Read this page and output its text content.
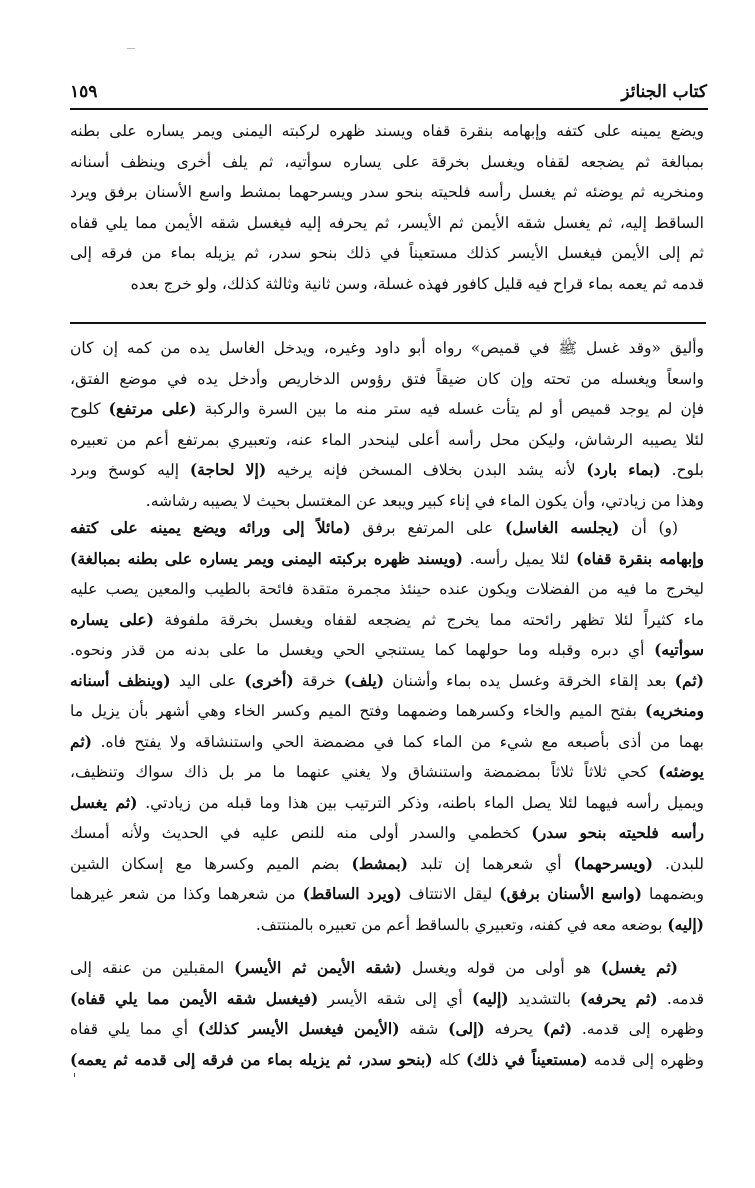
كتاب الجنائز
١٥٩
ويضع يمينه على كتفه وإبهامه بنقرة قفاه ويسند ظهره لركبته اليمنى ويمر يساره على بطنه
بمبالغة ثم يضجعه لقفاه ويغسل بخرقة على يساره سوأتيه، ثم يلف أخرى وينظف أسنانه
ومنخريه ثم يوضئه ثم يغسل رأسه فلحيته بنحو سدر ويسرحهما بمشط واسع الأسنان برفق ويرد
الساقط إليه، ثم يغسل شقه الأيمن ثم الأيسر، ثم يحرفه إليه فيغسل شقه الأيمن مما يلي قفاه
ثم إلى الأيمن فيغسل الأيسر كذلك مستعيناً في ذلك بنحو سدر، ثم يزيله بماء من فرقه إلى
قدمه ثم يعمه بماء قراح فيه قليل كافور فهذه غسلة، وسن ثانية وثالثة كذلك، ولو خرج بعده
وأليق «وقد غسل ﷺ في قميص» رواه أبو داود وغيره، ويدخل الغاسل يده من كمه إن كان
واسعاً ويغسله من تحته وإن كان ضيقاً فتق رؤوس الدخاريص وأدخل يده في موضع الفتق،
فإن لم يوجد قميص أو لم يتأت غسله فيه ستر منه ما بين السرة والركبة (على مرتفع) كلوح
لئلا يصيبه الرشاش، وليكن محل رأسه أعلى لينحدر الماء عنه، وتعبيري بمرتفع أعم من تعبيره
بلوح. (بماء بارد) لأنه يشد البدن بخلاف المسخن فإنه يرخيه (إلا لحاجة) إليه كوسخ وبرد
وهذا من زيادتي، وأن يكون الماء في إناء كبير ويبعد عن المغتسل بحيث لا يصيبه رشاشه.
(و) أن (يجلسه الغاسل) على المرتفع برفق (مائلاً إلى ورائه ويضع يمينه على كتفه
وإبهامه بنقرة قفاه) لئلا يميل رأسه. (ويسند ظهره بركبته اليمنى ويمر يساره على بطنه بمبالغة)
ليخرج ما فيه من الفضلات ويكون عنده حينئذ مجمرة متقدة فائحة بالطيب والمعين يصب عليه
ماء كثيراً لئلا تظهر رائحته مما يخرج ثم يضجعه لقفاه ويغسل بخرقة ملفوفة (على يساره
سوأتيه) أي دبره وقبله وما حولهما كما يستنجي الحي ويغسل ما على بدنه من قذر ونحوه.
(ثم) بعد إلقاء الخرقة وغسل يده بماء وأشنان (يلف) خرقة (أخرى) على اليد (وينظف أسنانه
ومنخريه) بفتح الميم والخاء وكسرهما وضمهما وفتح الميم وكسر الخاء وهي أشهر بأن يزيل ما
بهما من أذى بأصبعه مع شيء من الماء كما في مضمضة الحي واستنشاقه ولا يفتح فاه. (ثم
يوضئه) كحي ثلاثاً ثلاثاً بمضمضة واستنشاق ولا يغني عنهما ما مر بل ذاك سواك وتنظيف،
ويميل رأسه فيهما لئلا يصل الماء باطنه، وذكر الترتيب بين هذا وما قبله من زيادتي. (ثم يغسل
رأسه فلحيته بنحو سدر) كخطمي والسدر أولى منه للنص عليه في الحديث ولأنه أمسك
للبدن. (ويسرحهما) أي شعرهما إن تلبد (بمشط) بضم الميم وكسرها مع إسكان الشين
وبضمهما (واسع الأسنان برفق) ليقل الانتتاف (ويرد الساقط) من شعرهما وكذا من شعر غيرهما
(إليه) بوضعه معه في كفنه، وتعبيري بالساقط أعم من تعبيره بالمنتتف.
(ثم يغسل) هو أولى من قوله ويغسل (شقه الأيمن ثم الأيسر) المقبلين من عنقه إلى
قدمه. (ثم يحرفه) بالتشديد (إليه) أي إلى شقه الأيسر (فيغسل شقه الأيمن مما يلي قفاه)
وظهره إلى قدمه. (ثم) يحرفه (إلى) شقه (الأيمن فيغسل الأيسر كذلك) أي مما يلي قفاه
وظهره إلى قدمه (مستعيناً في ذلك) كله (بنحو سدر، ثم يزيله بماء من فرقه إلى قدمه ثم يعمه)
